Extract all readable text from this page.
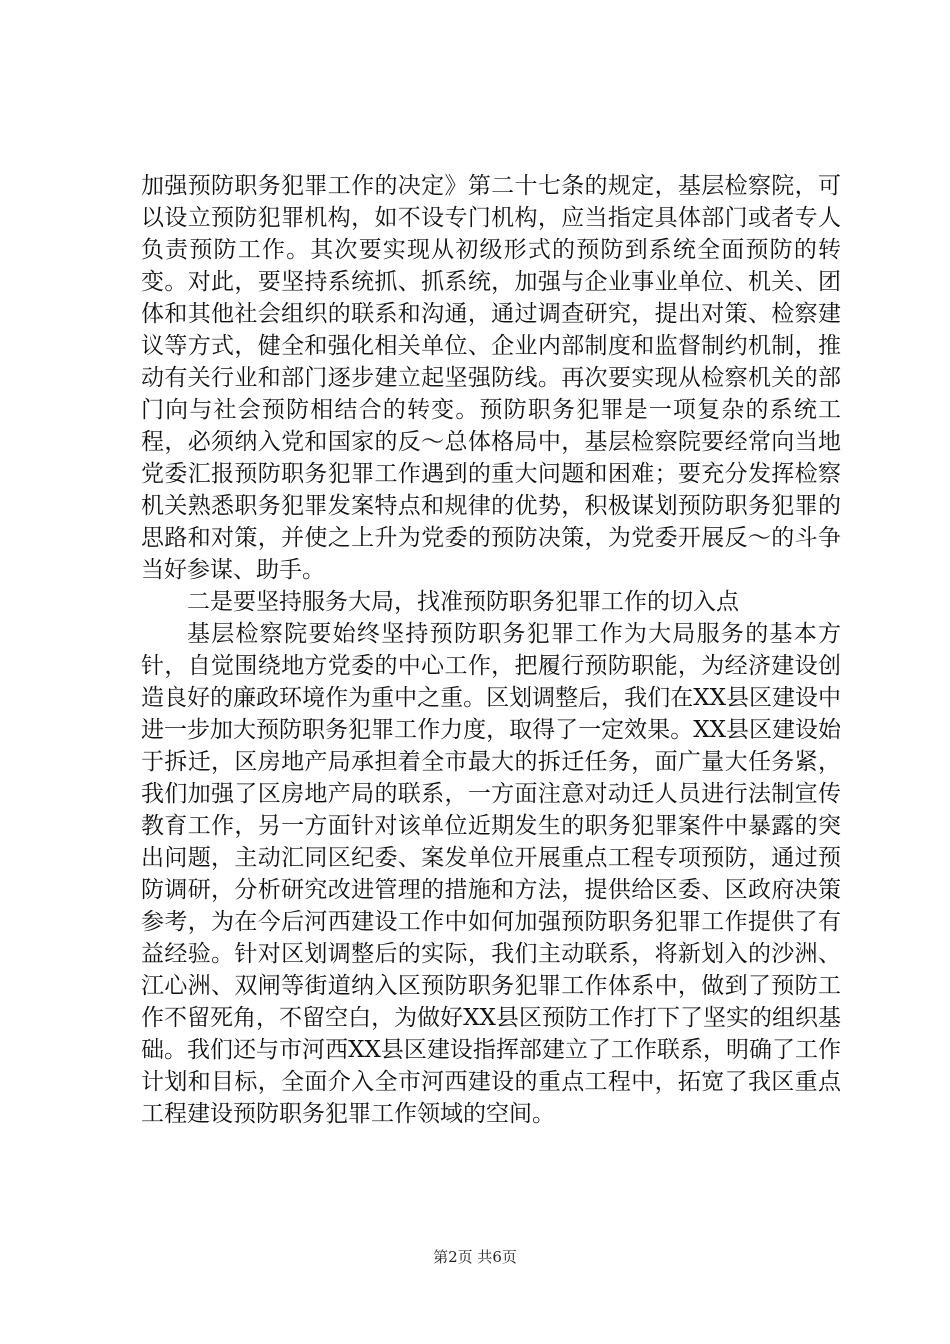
加强预防职务犯罪工作的决定》第二十七条的规定，基层检察院，可以设立预防犯罪机构，如不设专门机构，应当指定具体部门或者专人负责预防工作。其次要实现从初级形式的预防到系统全面预防的转变。对此，要坚持系统抓、抓系统，加强与企业事业单位、机关、团体和其他社会组织的联系和沟通，通过调查研究，提出对策、检察建议等方式，健全和强化相关单位、企业内部制度和监督制约机制，推动有关行业和部门逐步建立起坚强防线。再次要实现从检察机关的部门向与社会预防相结合的转变。预防职务犯罪是一项复杂的系统工程，必须纳入党和国家的反～总体格局中，基层检察院要经常向当地党委汇报预防职务犯罪工作遇到的重大问题和困难；要充分发挥检察机关熟悉职务犯罪发案特点和规律的优势，积极谋划预防职务犯罪的思路和对策，并使之上升为党委的预防决策，为党委开展反～的斗争当好参谋、助手。

二是要坚持服务大局，找准预防职务犯罪工作的切入点

基层检察院要始终坚持预防职务犯罪工作为大局服务的基本方针，自觉围绕地方党委的中心工作，把履行预防职能，为经济建设创造良好的廉政环境作为重中之重。区划调整后，我们在XX县区建设中进一步加大预防职务犯罪工作力度，取得了一定效果。XX县区建设始于拆迁，区房地产局承担着全市最大的拆迁任务，面广量大任务紧，我们加强了区房地产局的联系，一方面注意对动迁人员进行法制宣传教育工作，另一方面针对该单位近期发生的职务犯罪案件中暴露的突出问题，主动汇同区纪委、案发单位开展重点工程专项预防，通过预防调研，分析研究改进管理的措施和方法，提供给区委、区政府决策参考，为在今后河西建设工作中如何加强预防职务犯罪工作提供了有益经验。针对区划调整后的实际，我们主动联系，将新划入的沙洲、江心洲、双闸等街道纳入区预防职务犯罪工作体系中，做到了预防工作不留死角，不留空白，为做好XX县区预防工作打下了坚实的组织基础。我们还与市河西XX县区建设指挥部建立了工作联系，明确了工作计划和目标，全面介入全市河西建设的重点工程中，拓宽了我区重点工程建设预防职务犯罪工作领域的空间。

第2页 共6页
